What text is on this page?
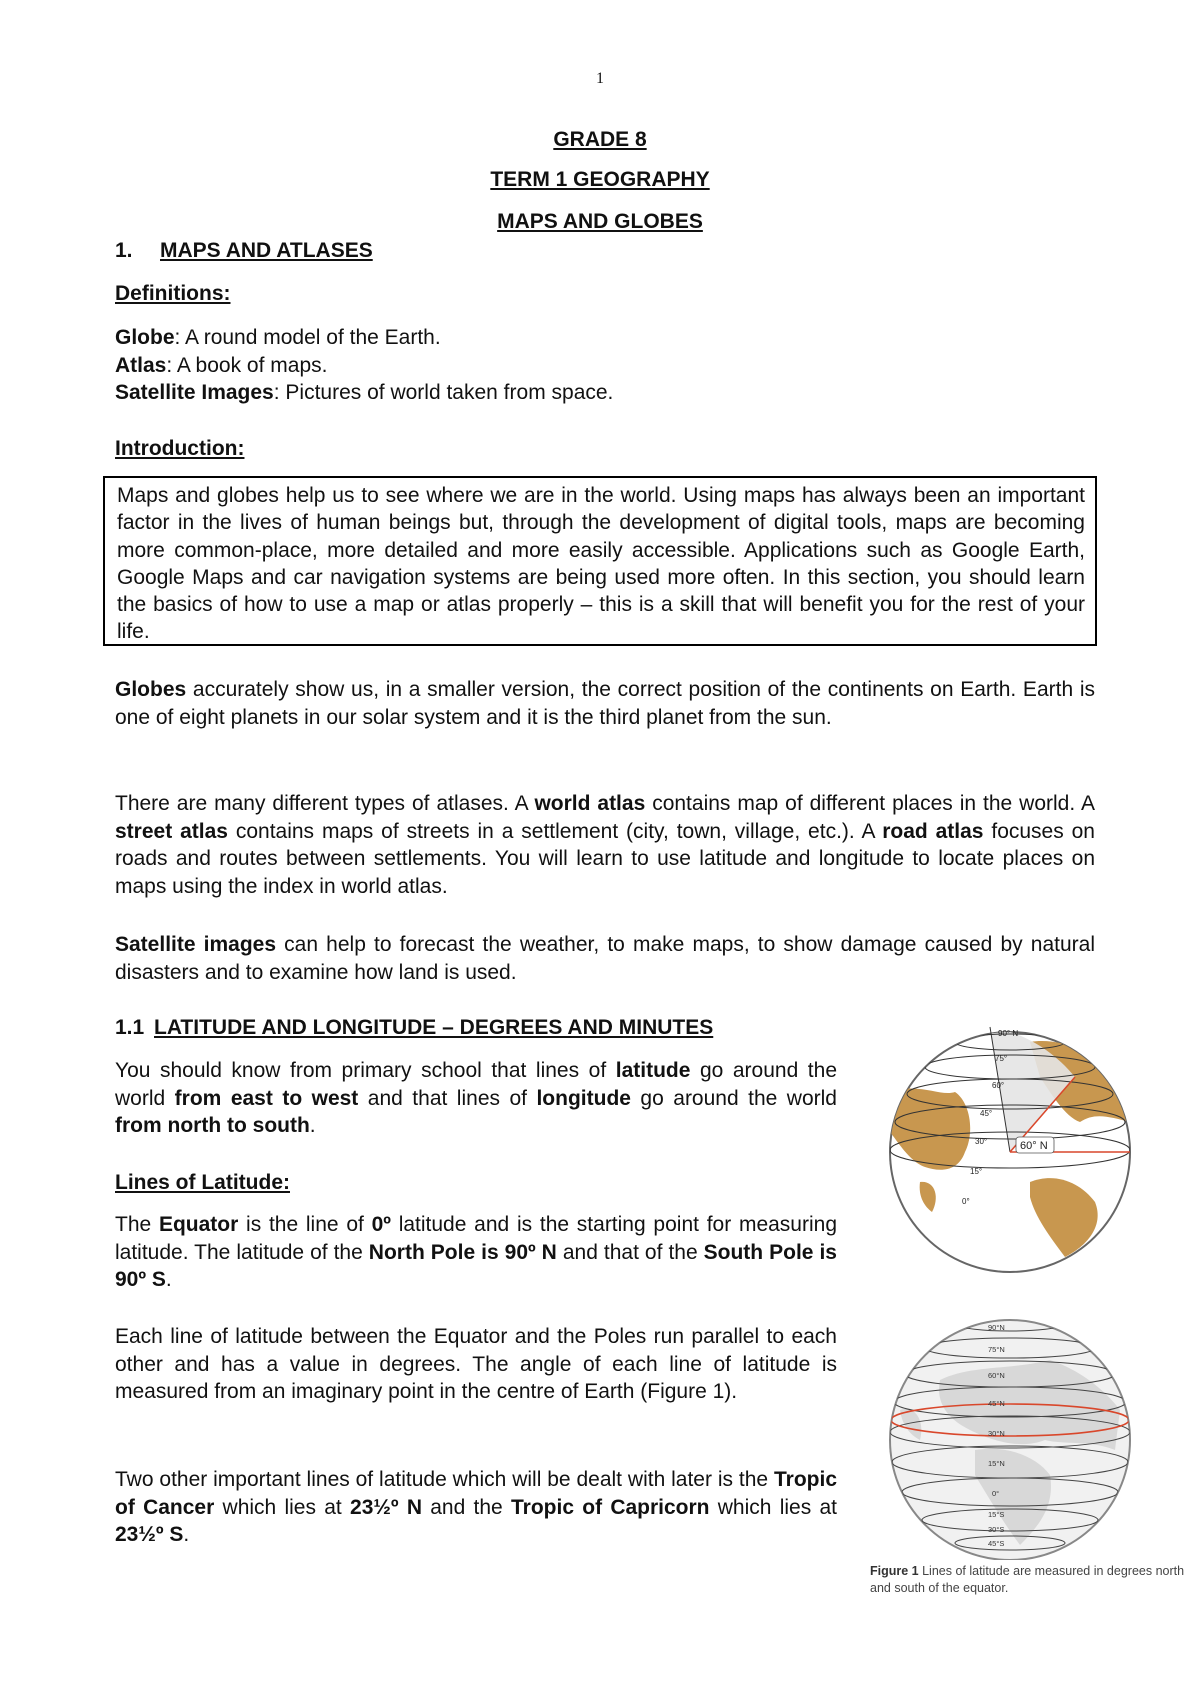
1
GRADE 8
TERM 1 GEOGRAPHY
MAPS AND GLOBES
1. MAPS AND ATLASES
Definitions:

Globe: A round model of the Earth.

Atlas: A book of maps.

Satellite Images: Pictures of world taken from space.

Introduction:

Maps and globes help us to see where we are in the world. Using maps has always been an important factor in the lives of human beings but, through the development of digital tools, maps are becoming more common-place, more detailed and more easily accessible. Applications such as Google Earth, Google Maps and car navigation systems are being used more often. In this section, you should learn the basics of how to use a map or atlas properly – this is a skill that will benefit you for the rest of your life.

Globes accurately show us, in a smaller version, the correct position of the continents on Earth. Earth is one of eight planets in our solar system and it is the third planet from the sun.

There are many different types of atlases. A world atlas contains map of different places in the world. A street atlas contains maps of streets in a settlement (city, town, village, etc.). A road atlas focuses on roads and routes between settlements. You will learn to use latitude and longitude to locate places on maps using the index in world atlas.

Satellite images can help to forecast the weather, to make maps, to show damage caused by natural disasters and to examine how land is used.

1.1 LATITUDE AND LONGITUDE – DEGREES AND MINUTES

You should know from primary school that lines of latitude go around the world from east to west and that lines of longitude go around the world from north to south.

Lines of Latitude:

The Equator is the line of 0º latitude and is the starting point for measuring latitude. The latitude of the North Pole is 90º N and that of the South Pole is 90º S.

Each line of latitude between the Equator and the Poles run parallel to each other and has a value in degrees. The angle of each line of latitude is measured from an imaginary point in the centre of Earth (Figure 1).

Two other important lines of latitude which will be dealt with later is the Tropic of Cancer which lies at 23½º N and the Tropic of Capricorn which lies at 23½º S.

90° N
75°
60°
45°
30°
15°
0°
60° N
90°N
75°N
60°N
45°N
30°N
15°N
0°
15°S
30°S
45°S
Figure 1 Lines of latitude are measured in degrees north and south of the equator.
